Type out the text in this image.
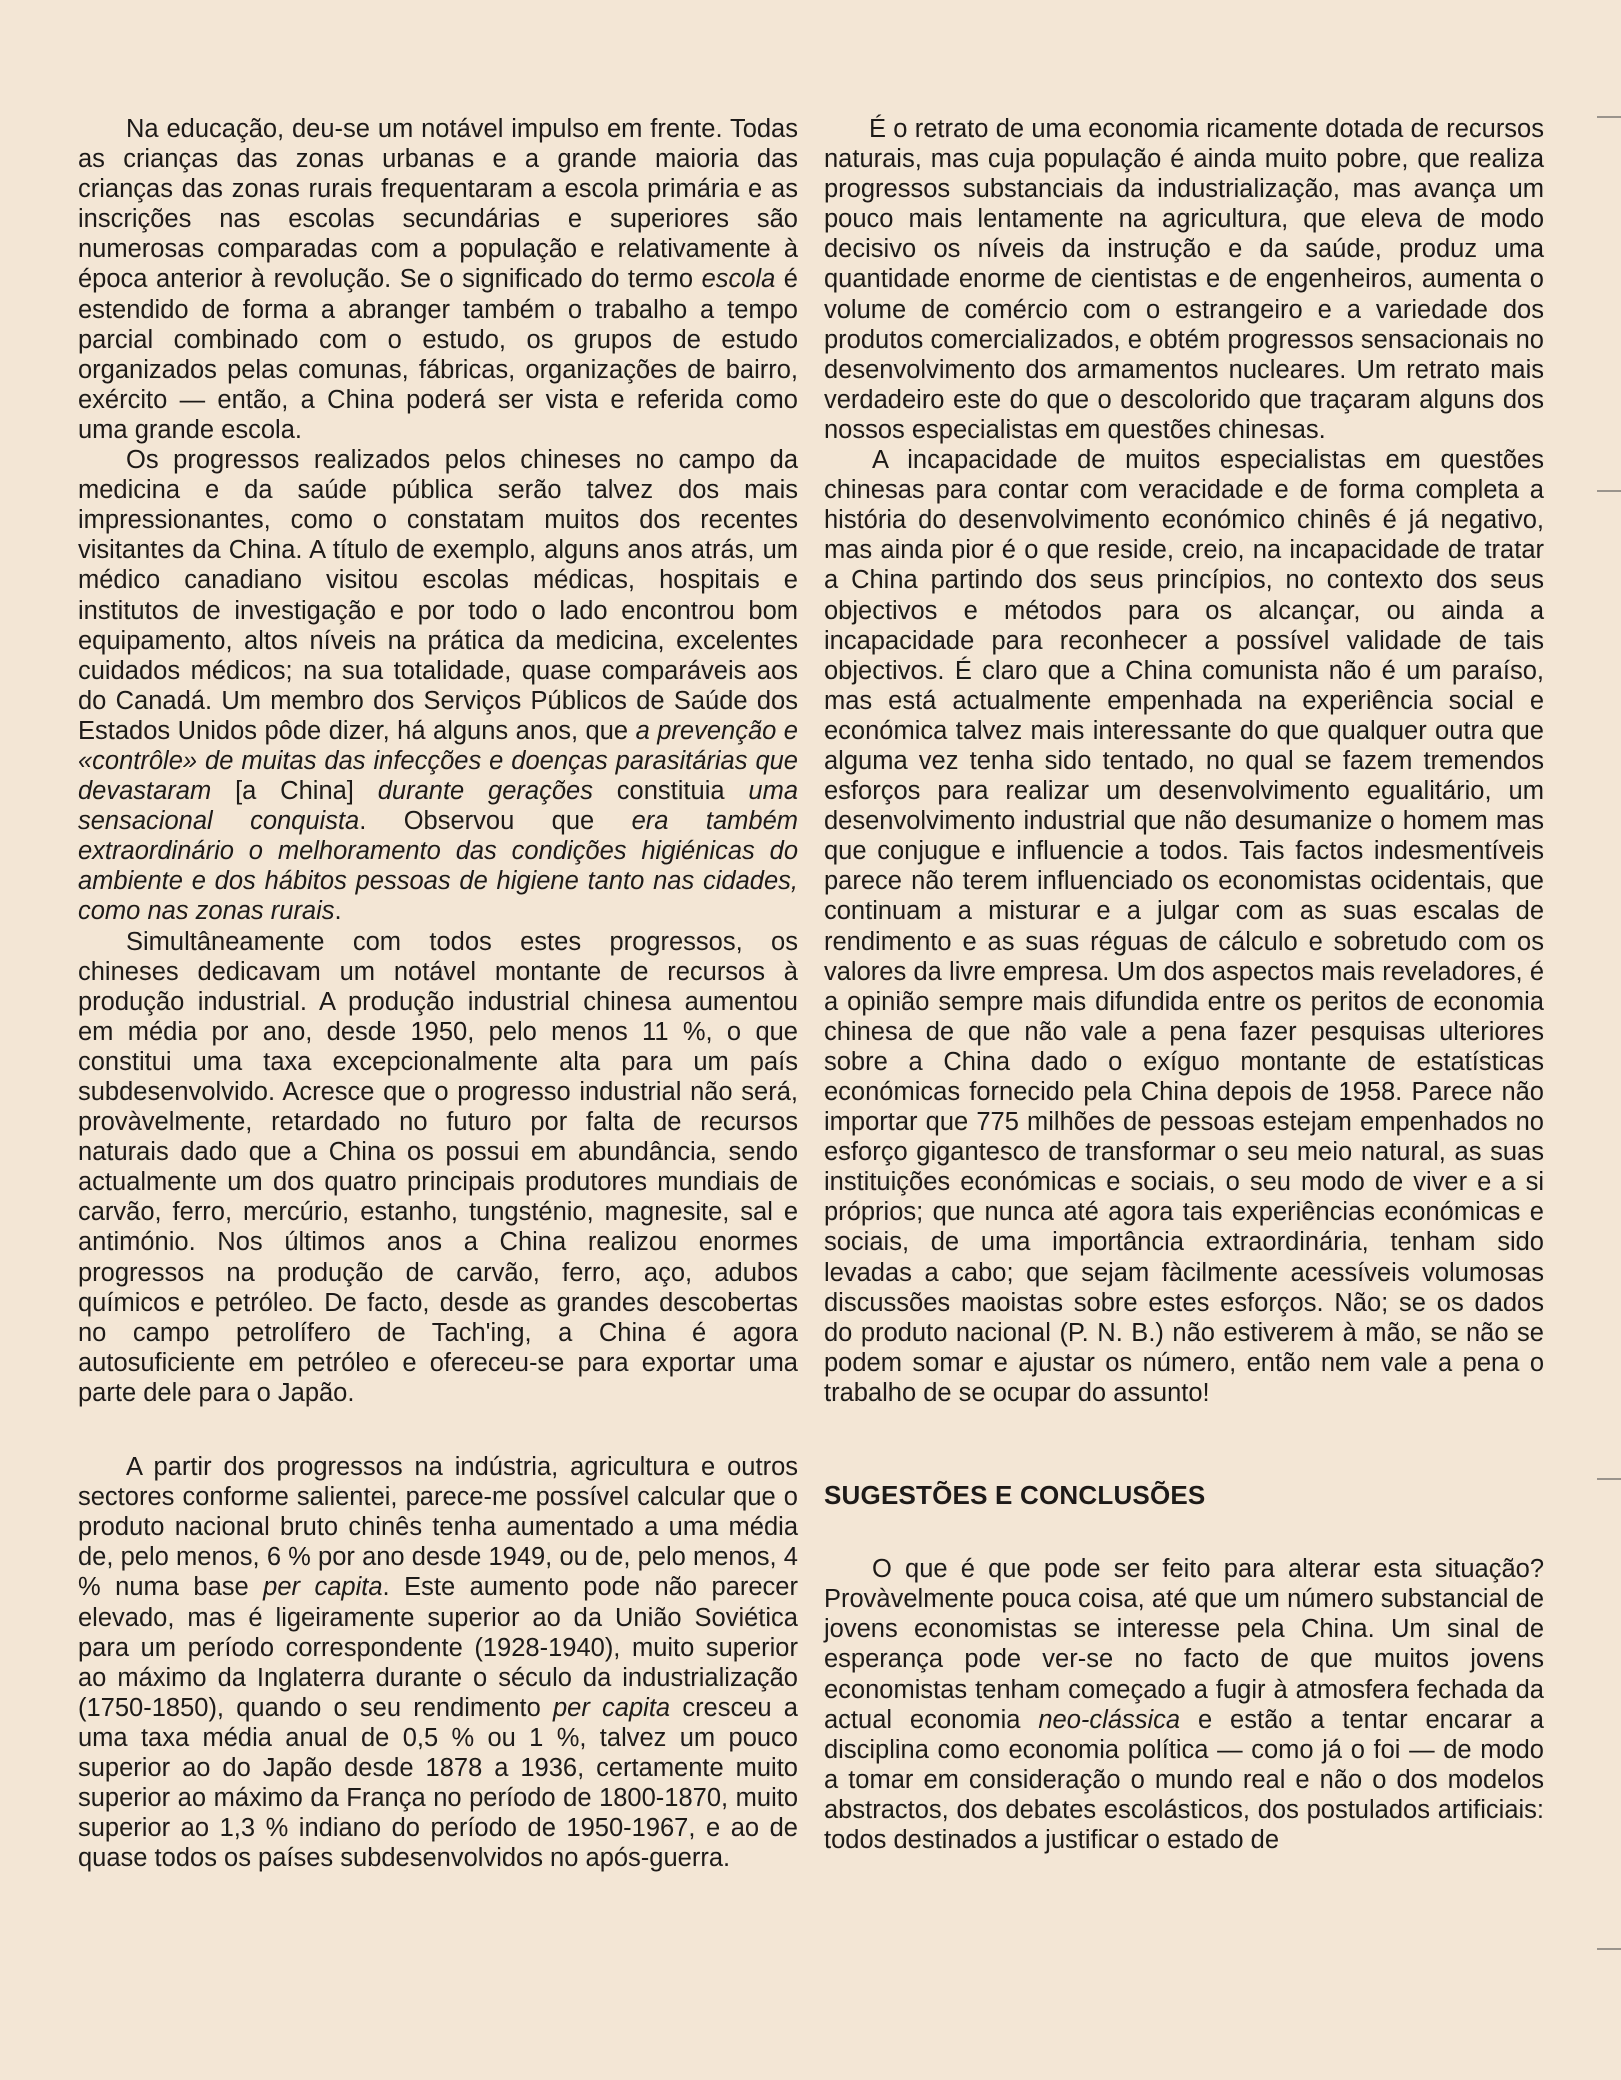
Na educação, deu-se um notável impulso em frente. Todas as crianças das zonas urbanas e a grande maioria das crianças das zonas rurais frequentaram a escola primária e as inscrições nas escolas secundárias e superiores são numerosas comparadas com a população e relativamente à época anterior à revolução. Se o significado do termo escola é estendido de forma a abranger também o trabalho a tempo parcial combinado com o estudo, os grupos de estudo organizados pelas comunas, fábricas, organizações de bairro, exército — então, a China poderá ser vista e referida como uma grande escola.

Os progressos realizados pelos chineses no campo da medicina e da saúde pública serão talvez dos mais impressionantes, como o constatam muitos dos recentes visitantes da China. A título de exemplo, alguns anos atrás, um médico canadiano visitou escolas médicas, hospitais e institutos de investigação e por todo o lado encontrou bom equipamento, altos níveis na prática da medicina, excelentes cuidados médicos; na sua totalidade, quase comparáveis aos do Canadá. Um membro dos Serviços Públicos de Saúde dos Estados Unidos pôde dizer, há alguns anos, que a prevenção e «contrôle» de muitas das infecções e doenças parasitárias que devastaram [a China] durante gerações constituia uma sensacional conquista. Observou que era também extraordinário o melhoramento das condições higiénicas do ambiente e dos hábitos pessoas de higiene tanto nas cidades, como nas zonas rurais.

Simultâneamente com todos estes progressos, os chineses dedicavam um notável montante de recursos à produção industrial. A produção industrial chinesa aumentou em média por ano, desde 1950, pelo menos 11 %, o que constitui uma taxa excepcionalmente alta para um país subdesenvolvido. Acresce que o progresso industrial não será, provàvelmente, retardado no futuro por falta de recursos naturais dado que a China os possui em abundância, sendo actualmente um dos quatro principais produtores mundiais de carvão, ferro, mercúrio, estanho, tungsténio, magnesite, sal e antimónio. Nos últimos anos a China realizou enormes progressos na produção de carvão, ferro, aço, adubos químicos e petróleo. De facto, desde as grandes descobertas no campo petrolífero de Tach'ing, a China é agora autosuficiente em petróleo e ofereceu-se para exportar uma parte dele para o Japão.

A partir dos progressos na indústria, agricultura e outros sectores conforme salientei, parece-me possível calcular que o produto nacional bruto chinês tenha aumentado a uma média de, pelo menos, 6 % por ano desde 1949, ou de, pelo menos, 4 % numa base per capita. Este aumento pode não parecer elevado, mas é ligeiramente superior ao da União Soviética para um período correspondente (1928-1940), muito superior ao máximo da Inglaterra durante o século da industrialização (1750-1850), quando o seu rendimento per capita cresceu a uma taxa média anual de 0,5 % ou 1 %, talvez um pouco superior ao do Japão desde 1878 a 1936, certamente muito superior ao máximo da França no período de 1800-1870, muito superior ao 1,3 % indiano do período de 1950-1967, e ao de quase todos os países subdesenvolvidos no após-guerra.

É o retrato de uma economia ricamente dotada de recursos naturais, mas cuja população é ainda muito pobre, que realiza progressos substanciais da industrialização, mas avança um pouco mais lentamente na agricultura, que eleva de modo decisivo os níveis da instrução e da saúde, produz uma quantidade enorme de cientistas e de engenheiros, aumenta o volume de comércio com o estrangeiro e a variedade dos produtos comercializados, e obtém progressos sensacionais no desenvolvimento dos armamentos nucleares. Um retrato mais verdadeiro este do que o descolorido que traçaram alguns dos nossos especialistas em questões chinesas.

A incapacidade de muitos especialistas em questões chinesas para contar com veracidade e de forma completa a história do desenvolvimento económico chinês é já negativo, mas ainda pior é o que reside, creio, na incapacidade de tratar a China partindo dos seus princípios, no contexto dos seus objectivos e métodos para os alcançar, ou ainda a incapacidade para reconhecer a possível validade de tais objectivos. É claro que a China comunista não é um paraíso, mas está actualmente empenhada na experiência social e económica talvez mais interessante do que qualquer outra que alguma vez tenha sido tentado, no qual se fazem tremendos esforços para realizar um desenvolvimento egualitário, um desenvolvimento industrial que não desumanize o homem mas que conjugue e influencie a todos. Tais factos indesmentíveis parece não terem influenciado os economistas ocidentais, que continuam a misturar e a julgar com as suas escalas de rendimento e as suas réguas de cálculo e sobretudo com os valores da livre empresa. Um dos aspectos mais reveladores, é a opinião sempre mais difundida entre os peritos de economia chinesa de que não vale a pena fazer pesquisas ulteriores sobre a China dado o exíguo montante de estatísticas económicas fornecido pela China depois de 1958. Parece não importar que 775 milhões de pessoas estejam empenhados no esforço gigantesco de transformar o seu meio natural, as suas instituições económicas e sociais, o seu modo de viver e a si próprios; que nunca até agora tais experiências económicas e sociais, de uma importância extraordinária, tenham sido levadas a cabo; que sejam fàcilmente acessíveis volumosas discussões maoistas sobre estes esforços. Não; se os dados do produto nacional (P. N. B.) não estiverem à mão, se não se podem somar e ajustar os número, então nem vale a pena o trabalho de se ocupar do assunto!

SUGESTÕES E CONCLUSÕES

O que é que pode ser feito para alterar esta situação? Provàvelmente pouca coisa, até que um número substancial de jovens economistas se interesse pela China. Um sinal de esperança pode ver-se no facto de que muitos jovens economistas tenham começado a fugir à atmosfera fechada da actual economia neo-clássica e estão a tentar encarar a disciplina como economia política — como já o foi — de modo a tomar em consideração o mundo real e não o dos modelos abstractos, dos debates escolásticos, dos postulados artificiais: todos destinados a justificar o estado de
